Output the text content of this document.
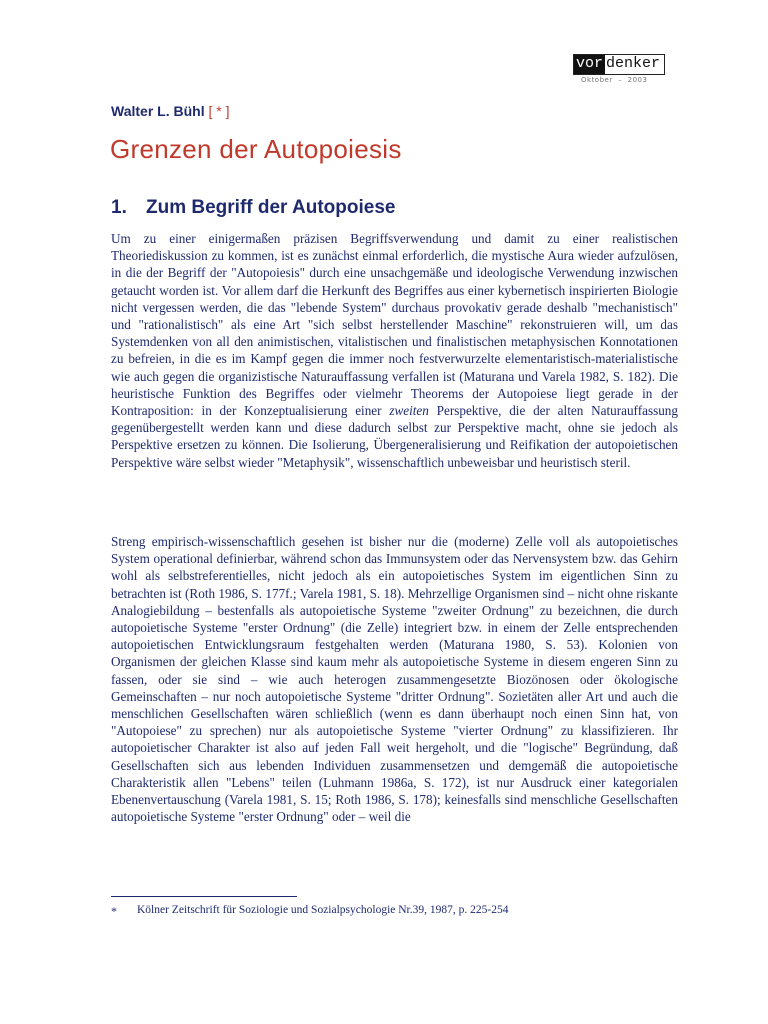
vor denker
Oktober  –  2003
Walter L. Bühl [ * ]
Grenzen der Autopoiesis
1. Zum Begriff der Autopoiese

Um zu einer einigermaßen präzisen Begriffsverwendung und damit zu einer realistischen Theoriediskussion zu kommen, ist es zunächst einmal erforderlich, die mystische Aura wieder aufzulösen, in die der Begriff der "Autopoiesis" durch eine unsachgemäße und ideologische Verwendung inzwischen getaucht worden ist. Vor allem darf die Herkunft des Begriffes aus einer kybernetisch inspirierten Biologie nicht vergessen werden, die das "lebende System" durchaus provokativ gerade deshalb "mechanistisch" und "rationalistisch" als eine Art "sich selbst herstellender Maschine" rekonstruieren will, um das Systemdenken von all den animistischen, vitalistischen und finalistischen metaphysischen Konnotationen zu befreien, in die es im Kampf gegen die immer noch festverwurzelte elementaristisch-materialistische wie auch gegen die organizistische Naturauffassung verfallen ist (Maturana und Varela 1982, S. 182). Die heuristische Funktion des Begriffes oder vielmehr Theorems der Autopoiese liegt gerade in der Kontraposition: in der Konzeptualisierung einer zweiten Perspektive, die der alten Naturauffassung gegenübergestellt werden kann und diese dadurch selbst zur Perspektive macht, ohne sie jedoch als Perspektive ersetzen zu können. Die Isolierung, Übergeneralisierung und Reifikation der autopoietischen Perspektive wäre selbst wieder "Metaphysik", wissenschaftlich unbeweisbar und heuristisch steril.

Streng empirisch-wissenschaftlich gesehen ist bisher nur die (moderne) Zelle voll als autopoietisches System operational definierbar, während schon das Immunsystem oder das Nervensystem bzw. das Gehirn wohl als selbstreferentielles, nicht jedoch als ein autopoietisches System im eigentlichen Sinn zu betrachten ist (Roth 1986, S. 177f.; Varela 1981, S. 18). Mehrzellige Organismen sind – nicht ohne riskante Analogiebildung – bestenfalls als autopoietische Systeme "zweiter Ordnung" zu bezeichnen, die durch autopoietische Systeme "erster Ordnung" (die Zelle) integriert bzw. in einem der Zelle entsprechenden autopoietischen Entwicklungsraum festgehalten werden (Maturana 1980, S. 53). Kolonien von Organismen der gleichen Klasse sind kaum mehr als autopoietische Systeme in diesem engeren Sinn zu fassen, oder sie sind – wie auch heterogen zusammengesetzte Biozönosen oder ökologische Gemeinschaften – nur noch autopoietische Systeme "dritter Ordnung". Sozietäten aller Art und auch die menschlichen Gesellschaften wären schließlich (wenn es dann überhaupt noch einen Sinn hat, von "Autopoiese" zu sprechen) nur als autopoietische Systeme "vierter Ordnung" zu klassifizieren. Ihr autopoietischer Charakter ist also auf jeden Fall weit hergeholt, und die "logische" Begründung, daß Gesellschaften sich aus lebenden Individuen zusammensetzen und demgemäß die autopoietische Charakteristik allen "Lebens" teilen (Luhmann 1986a, S. 172), ist nur Ausdruck einer kategorialen Ebenenvertauschung (Varela 1981, S. 15; Roth 1986, S. 178); keinesfalls sind menschliche Gesellschaften autopoietische Systeme "erster Ordnung" oder – weil die

*	Kölner Zeitschrift für Soziologie und Sozialpsychologie Nr.39, 1987, p. 225-254
